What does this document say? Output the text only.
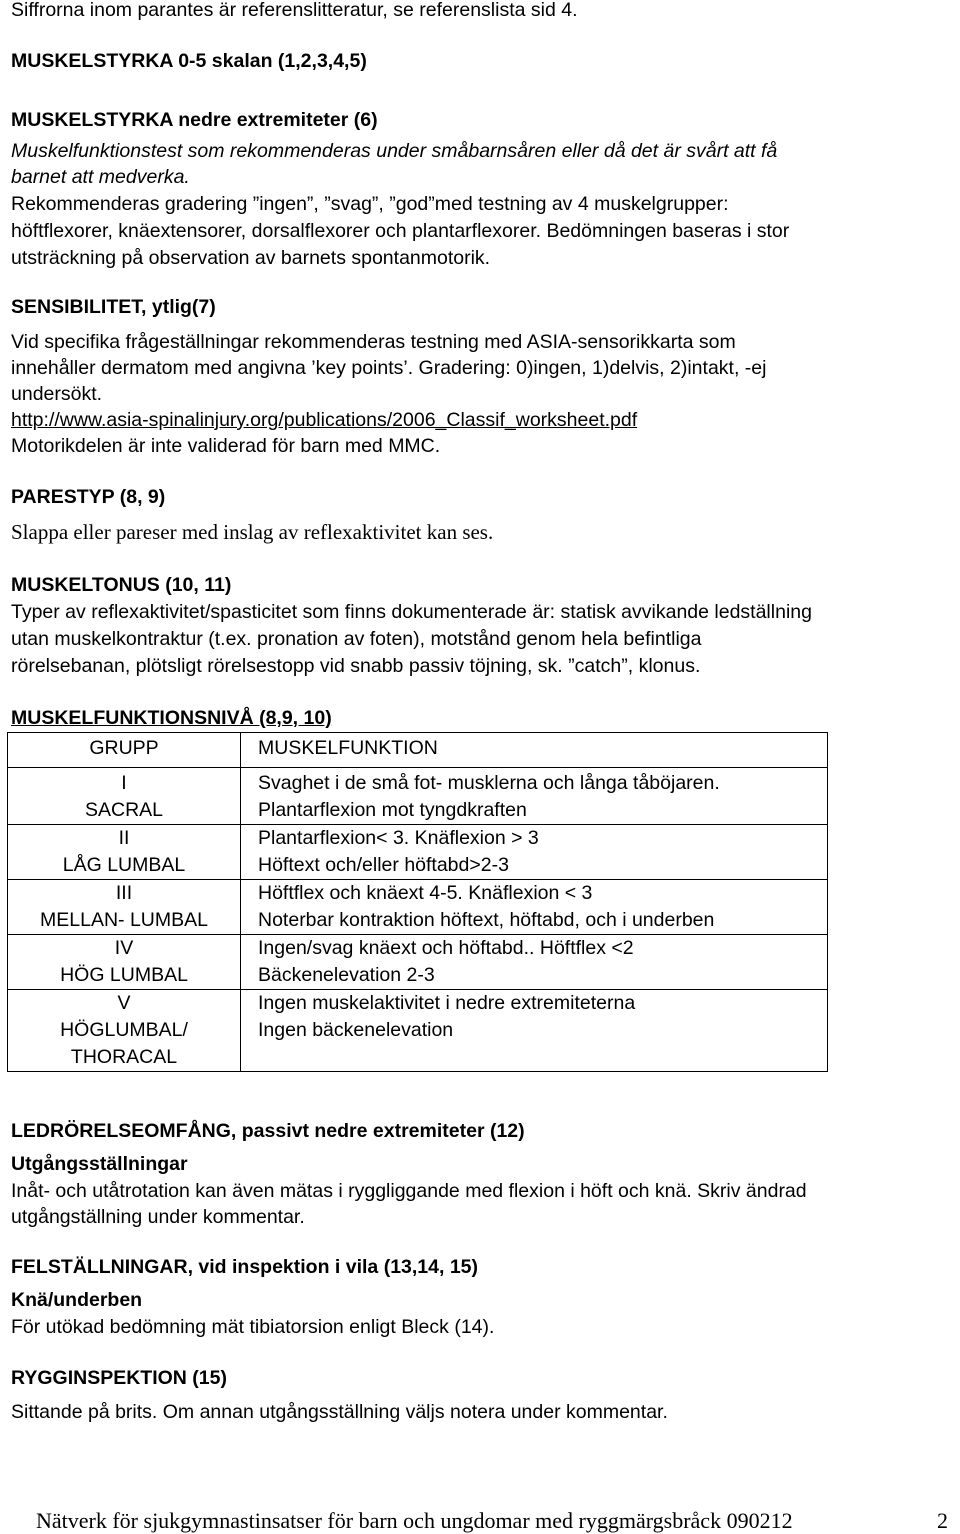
Siffrorna inom parantes är referenslitteratur, se referenslista sid 4.
MUSKELSTYRKA 0-5 skalan (1,2,3,4,5)
MUSKELSTYRKA nedre extremiteter (6)
Muskelfunktionstest som rekommenderas under småbarnsåren eller då det är svårt att få
barnet att medverka.
Rekommenderas gradering ”ingen”, ”svag”, ”god”med testning av 4 muskelgrupper:
höftflexorer, knäextensorer, dorsalflexorer och plantarflexorer. Bedömningen baseras i stor
utsträckning på observation av barnets spontanmotorik.
SENSIBILITET, ytlig(7)
Vid specifika frågeställningar rekommenderas testning med ASIA-sensorikkarta som
innehåller dermatom med angivna ’key points’. Gradering: 0)ingen, 1)delvis, 2)intakt, -ej
undersökt.
http://www.asia-spinalinjury.org/publications/2006_Classif_worksheet.pdf
Motorikdelen är inte validerad för barn med MMC.
PARESTYP (8, 9)
Slappa eller pareser med inslag av reflexaktivitet kan ses.
MUSKELTONUS (10, 11)
Typer av reflexaktivitet/spasticitet som finns dokumenterade är: statisk avvikande ledställning
utan muskelkontraktur (t.ex. pronation av foten), motstånd genom hela befintliga
rörelsebanan, plötsligt rörelsestopp vid snabb passiv töjning, sk. ”catch”, klonus.
MUSKELFUNKTIONSNIVÅ (8,9, 10)
GRUPP	MUSKELFUNKTION

I
SACRAL	Svaghet i de små fot- musklerna och långa tåböjaren.
Plantarflexion mot tyngdkraften

II
LÅG LUMBAL	Plantarflexion< 3. Knäflexion > 3
Höftext och/eller höftabd>2-3

III
MELLAN- LUMBAL	Höftflex och knäext 4-5. Knäflexion < 3
Noterbar kontraktion höftext, höftabd, och i underben

IV
HÖG LUMBAL	Ingen/svag knäext och höftabd.. Höftflex <2
Bäckenelevation 2-3

V
HÖGLUMBAL/
THORACAL	Ingen muskelaktivitet i nedre extremiteterna
Ingen bäckenelevation
LEDRÖRELSEOMFÅNG, passivt nedre extremiteter (12)
Utgångsställningar
Inåt- och utåtrotation kan även mätas i ryggliggande med flexion i höft och knä. Skriv ändrad
utgångställning under kommentar.
FELSTÄLLNINGAR, vid inspektion i vila (13,14, 15)
Knä/underben
För utökad bedömning mät tibiatorsion enligt Bleck (14).
RYGGINSPEKTION (15)
Sittande på brits. Om annan utgångsställning väljs notera under kommentar.
Nätverk för sjukgymnastinsatser för barn och ungdomar med ryggmärgsbråck 090212	2
